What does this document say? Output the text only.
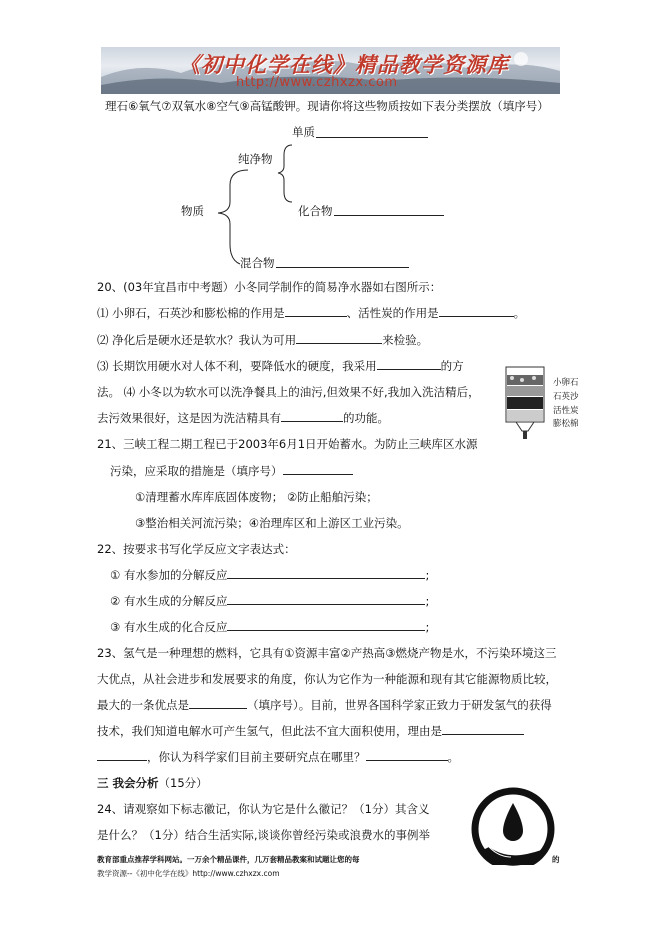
《初中化学在线》精品教学资源库
http://www.czhxzx.com
理石⑥氧气⑦双氧水⑧空气⑨高锰酸钾。现请你将这些物质按如下表分类摆放（填序号）
单质
纯净物
物质	化合物
混合物
20、(03年宜昌市中考题）小冬同学制作的简易净水器如右图所示：
⑴ 小卵石，石英沙和膨松棉的作用是	、活性炭的作用是	。
⑵ 净化后是硬水还是软水？我认为可用	来检验。
⑶ 长期饮用硬水对人体不利，要降低水的硬度，我采用	的方
法。 ⑷ 小冬以为软水可以洗净餐具上的油污,但效果不好,我加入洗洁精后，
去污效果很好，这是因为洗洁精具有	的功能。
小卵石
石英沙
活性炭
膨松棉
21、三峡工程二期工程已于2003年6月1日开始蓄水。为防止三峡库区水源
污染，应采取的措施是（填序号）
①清理蓄水库库底固体废物； ②防止船舶污染；
③整治相关河流污染；④治理库区和上游区工业污染。
22、按要求书写化学反应文字表达式：
① 有水参加的分解反应	;
② 有水生成的分解反应	;
③ 有水生成的化合反应	;
23、氢气是一种理想的燃料，它具有①资源丰富②产热高③燃烧产物是水，不污染环境这三
大优点，从社会进步和发展要求的角度，你认为它作为一种能源和现有其它能源物质比较，
最大的一条优点是	（填序号）。目前，世界各国科学家正致力于研发氢气的获得
技术，我们知道电解水可产生氢气，但此法不宜大面积使用，理由是
，你认为科学家们目前主要研究点在哪里？	。
三 我会分析（15分）
24、请观察如下标志徽记，你认为它是什么徽记？（1分）其含义
是什么？（1分）结合生活实际,谈谈你曾经污染或浪费水的事例举
教育部重点推荐学科网站。一万余个精品课件，几万套精品教案和试题让您的每	的
教学资源--《初中化学在线》http://www.czhxzx.com
